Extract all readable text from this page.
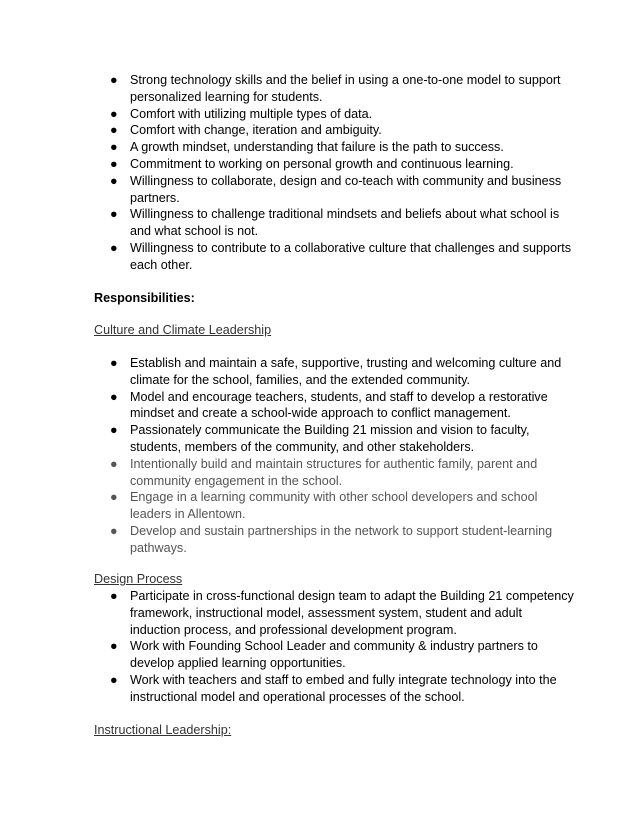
● Strong technology skills and the belief in using a one-to-one model to support personalized learning for students.
● Comfort with utilizing multiple types of data.
● Comfort with change, iteration and ambiguity.
● A growth mindset, understanding that failure is the path to success.
● Commitment to working on personal growth and continuous learning.
● Willingness to collaborate, design and co-teach with community and business partners.
● Willingness to challenge traditional mindsets and beliefs about what school is and what school is not.
● Willingness to contribute to a collaborative culture that challenges and supports each other.
Responsibilities:
Culture and Climate Leadership
● Establish and maintain a safe, supportive, trusting and welcoming culture and climate for the school, families, and the extended community.
● Model and encourage teachers, students, and staff to develop a restorative mindset and create a school-wide approach to conflict management.
● Passionately communicate the Building 21 mission and vision to faculty, students, members of the community, and other stakeholders.
● Intentionally build and maintain structures for authentic family, parent and community engagement in the school.
● Engage in a learning community with other school developers and school leaders in Allentown.
● Develop and sustain partnerships in the network to support student-learning pathways.
Design Process
● Participate in cross-functional design team to adapt the Building 21 competency framework, instructional model, assessment system, student and adult induction process, and professional development program.
● Work with Founding School Leader and community & industry partners to develop applied learning opportunities.
● Work with teachers and staff to embed and fully integrate technology into the instructional model and operational processes of the school.
Instructional Leadership:
